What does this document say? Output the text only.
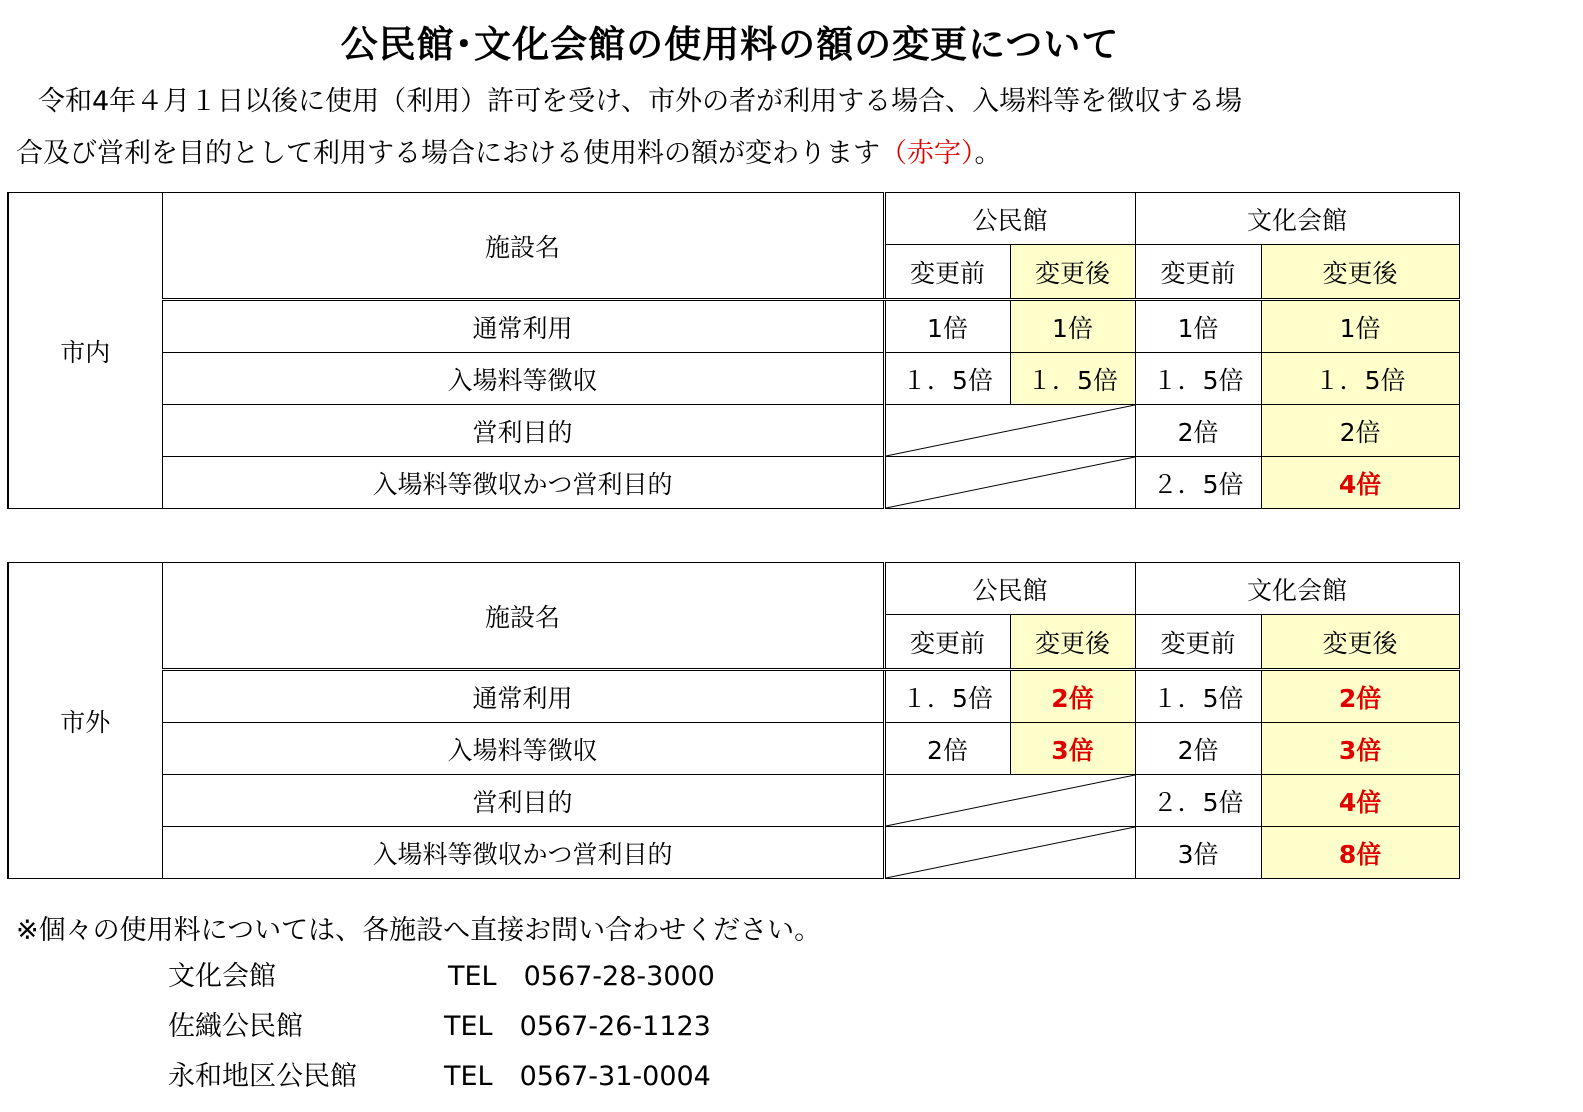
公民館･文化会館の使用料の額の変更について
令和4年４月１日以後に使用（利用）許可を受け、市外の者が利用する場合、入場料等を徴収する場
合及び営利を目的として利用する場合における使用料の額が変わります（赤字）。
市内	施設名	公民館		文化会館	
		変更前	変更後	変更前	変更後
	通常利用	1倍	1倍	1倍	1倍
	入場料等徴収	１．5倍	１．5倍	１．5倍	１．5倍
	営利目的			2倍	2倍
	入場料等徴収かつ営利目的			２．5倍	4倍
市外	施設名	公民館		文化会館	
		変更前	変更後	変更前	変更後
	通常利用	１．5倍	2倍	１．5倍	2倍
	入場料等徴収	2倍	3倍	2倍	3倍
	営利目的			２．5倍	4倍
	入場料等徴収かつ営利目的			3倍	8倍
※個々の使用料については、各施設へ直接お問い合わせください。
文化会館	TEL　0567-28-3000
佐織公民館	TEL　0567-26-1123
永和地区公民館	TEL　0567-31-0004
